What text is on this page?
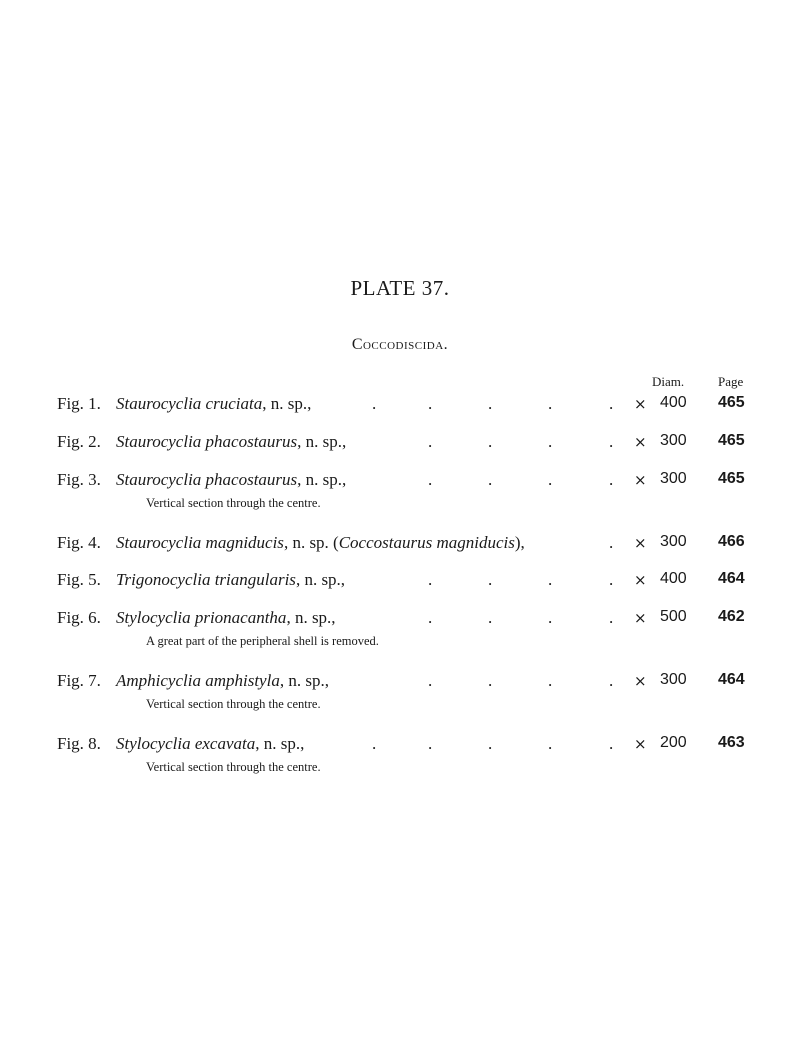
PLATE 37.
Coccodiscida.
Diam.	Page
Fig. 1. Staurocyclia cruciata, n. sp.,	.	.	.	.	. × 400 465
Fig. 2. Staurocyclia phacostaurus, n. sp.,	.	.	.	. × 300 465
Fig. 3. Staurocyclia phacostaurus, n. sp.,	.	.	.	. × 300 465
Vertical section through the centre.
Fig. 4. Staurocyclia magniducis, n. sp. (Coccostaurus magniducis),	. × 300 466
Fig. 5. Trigonocyclia triangularis, n. sp.,	.	.	.	. × 400 464
Fig. 6. Stylocyclia prionacantha, n. sp.,	.	.	.	. × 500 462
A great part of the peripheral shell is removed.
Fig. 7. Amphicyclia amphistyla, n. sp.,	.	.	.	. × 300 464
Vertical section through the centre.
Fig. 8. Stylocyclia excavata, n. sp.,	.	.	.	.	. × 200 463
Vertical section through the centre.
